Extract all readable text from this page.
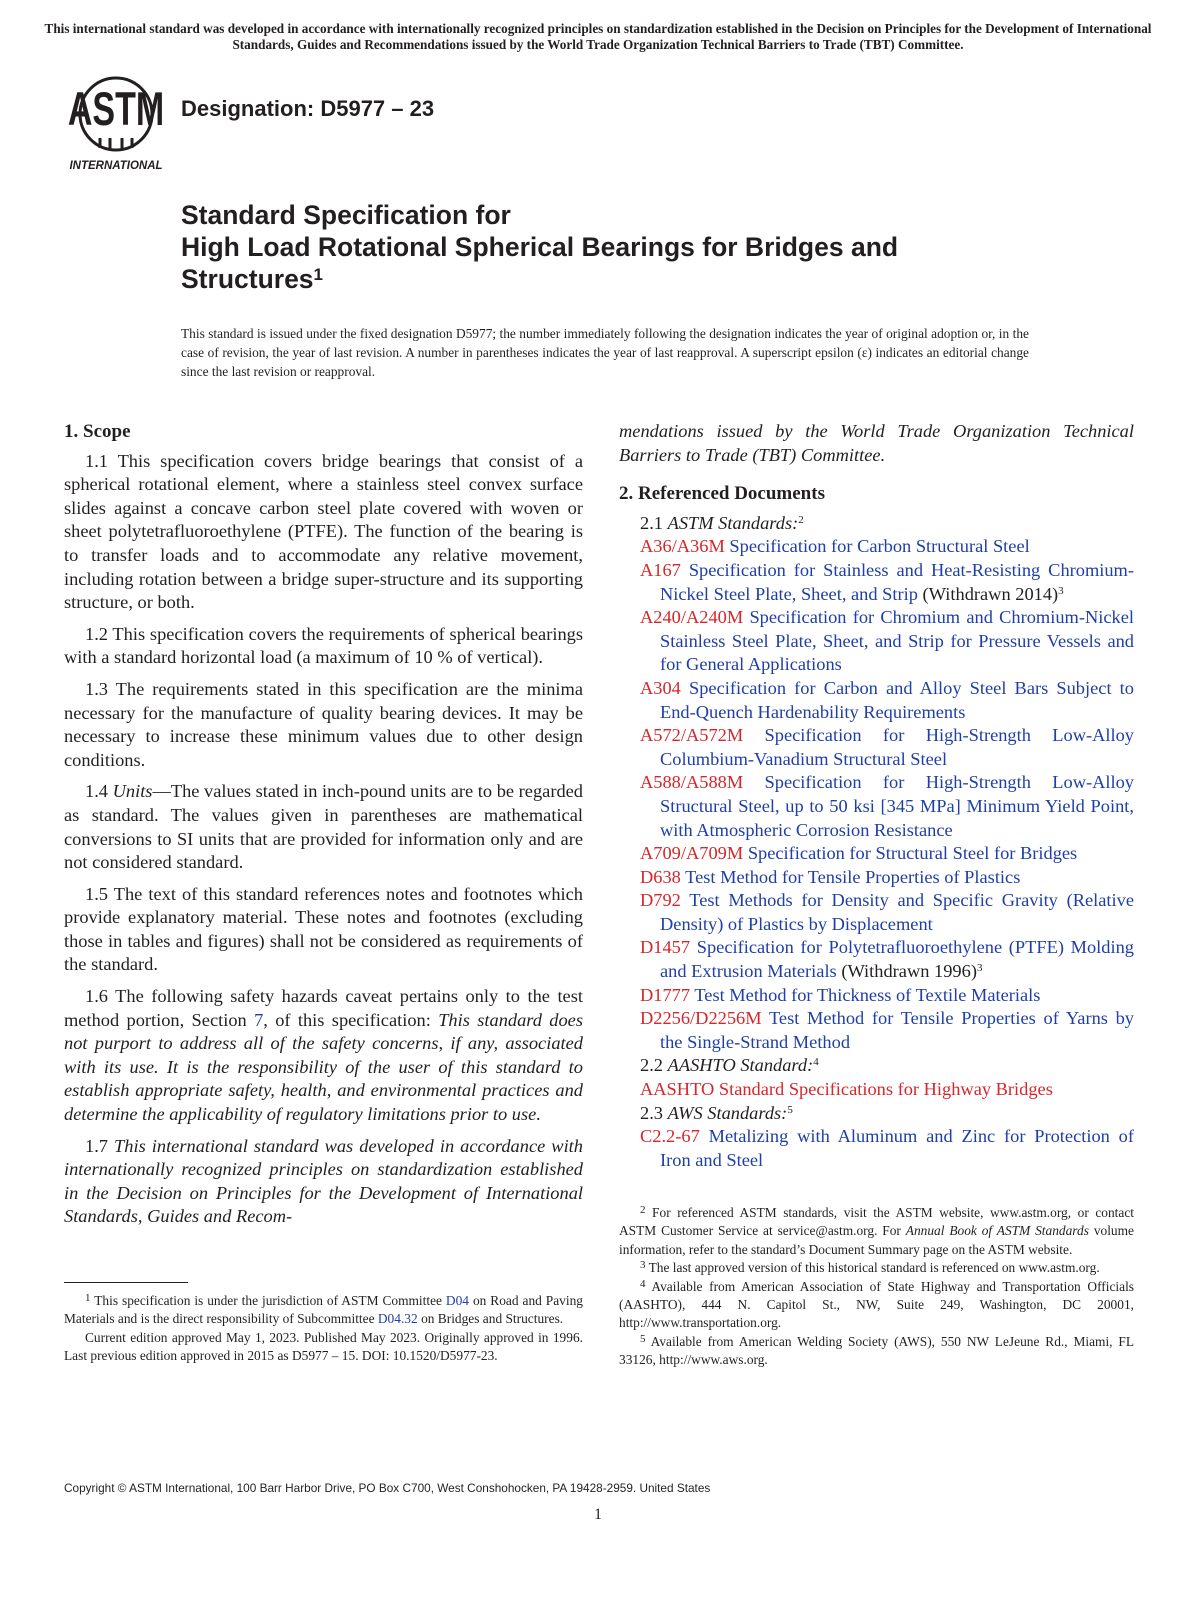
This international standard was developed in accordance with internationally recognized principles on standardization established in the Decision on Principles for the Development of International Standards, Guides and Recommendations issued by the World Trade Organization Technical Barriers to Trade (TBT) Committee.
ASTM
INTERNATIONAL
Designation: D5977 – 23
Standard Specification for
High Load Rotational Spherical Bearings for Bridges and
Structures$^1$
This standard is issued under the fixed designation D5977; the number immediately following the designation indicates the year of original adoption or, in the case of revision, the year of last revision. A number in parentheses indicates the year of last reapproval. A superscript epsilon (ε) indicates an editorial change since the last revision or reapproval.
1. Scope

1.1 This specification covers bridge bearings that consist of a spherical rotational element, where a stainless steel convex surface slides against a concave carbon steel plate covered with woven or sheet polytetrafluoroethylene (PTFE). The function of the bearing is to transfer loads and to accommodate any relative movement, including rotation between a bridge super-structure and its supporting structure, or both.

1.2 This specification covers the requirements of spherical bearings with a standard horizontal load (a maximum of 10 % of vertical).

1.3 The requirements stated in this specification are the minima necessary for the manufacture of quality bearing devices. It may be necessary to increase these minimum values due to other design conditions.

1.4 Units—The values stated in inch-pound units are to be regarded as standard. The values given in parentheses are mathematical conversions to SI units that are provided for information only and are not considered standard.

1.5 The text of this standard references notes and footnotes which provide explanatory material. These notes and footnotes (excluding those in tables and figures) shall not be considered as requirements of the standard.

1.6 The following safety hazards caveat pertains only to the test method portion, Section 7, of this specification: This standard does not purport to address all of the safety concerns, if any, associated with its use. It is the responsibility of the user of this standard to establish appropriate safety, health, and environmental practices and determine the applicability of regulatory limitations prior to use.

1.7 This international standard was developed in accordance with internationally recognized principles on standardization established in the Decision on Principles for the Development of International Standards, Guides and Recom-

mendations issued by the World Trade Organization Technical Barriers to Trade (TBT) Committee.
2. Referenced Documents
2.1 ASTM Standards:$^2$
A36/A36M Specification for Carbon Structural Steel
A167 Specification for Stainless and Heat-Resisting Chromium-Nickel Steel Plate, Sheet, and Strip (Withdrawn 2014)$^3$
A240/A240M Specification for Chromium and Chromium-Nickel Stainless Steel Plate, Sheet, and Strip for Pressure Vessels and for General Applications
A304 Specification for Carbon and Alloy Steel Bars Subject to End-Quench Hardenability Requirements
A572/A572M Specification for High-Strength Low-Alloy Columbium-Vanadium Structural Steel
A588/A588M Specification for High-Strength Low-Alloy Structural Steel, up to 50 ksi [345 MPa] Minimum Yield Point, with Atmospheric Corrosion Resistance
A709/A709M Specification for Structural Steel for Bridges
D638 Test Method for Tensile Properties of Plastics
D792 Test Methods for Density and Specific Gravity (Relative Density) of Plastics by Displacement
D1457 Specification for Polytetrafluoroethylene (PTFE) Molding and Extrusion Materials (Withdrawn 1996)$^3$
D1777 Test Method for Thickness of Textile Materials
D2256/D2256M Test Method for Tensile Properties of Yarns by the Single-Strand Method
2.2 AASHTO Standard:$^4$
AASHTO Standard Specifications for Highway Bridges
2.3 AWS Standards:$^5$
C2.2-67 Metalizing with Aluminum and Zinc for Protection of Iron and Steel

$^1$ This specification is under the jurisdiction of ASTM Committee D04 on Road and Paving Materials and is the direct responsibility of Subcommittee D04.32 on Bridges and Structures.

Current edition approved May 1, 2023. Published May 2023. Originally approved in 1996. Last previous edition approved in 2015 as D5977 – 15. DOI: 10.1520/D5977-23.

$^2$ For referenced ASTM standards, visit the ASTM website, www.astm.org, or contact ASTM Customer Service at service@astm.org. For Annual Book of ASTM Standards volume information, refer to the standard’s Document Summary page on the ASTM website.

$^3$ The last approved version of this historical standard is referenced on www.astm.org.

$^4$ Available from American Association of State Highway and Transportation Officials (AASHTO), 444 N. Capitol St., NW, Suite 249, Washington, DC 20001, http://www.transportation.org.

$^5$ Available from American Welding Society (AWS), 550 NW LeJeune Rd., Miami, FL 33126, http://www.aws.org.

Copyright © ASTM International, 100 Barr Harbor Drive, PO Box C700, West Conshohocken, PA 19428-2959. United States
1
